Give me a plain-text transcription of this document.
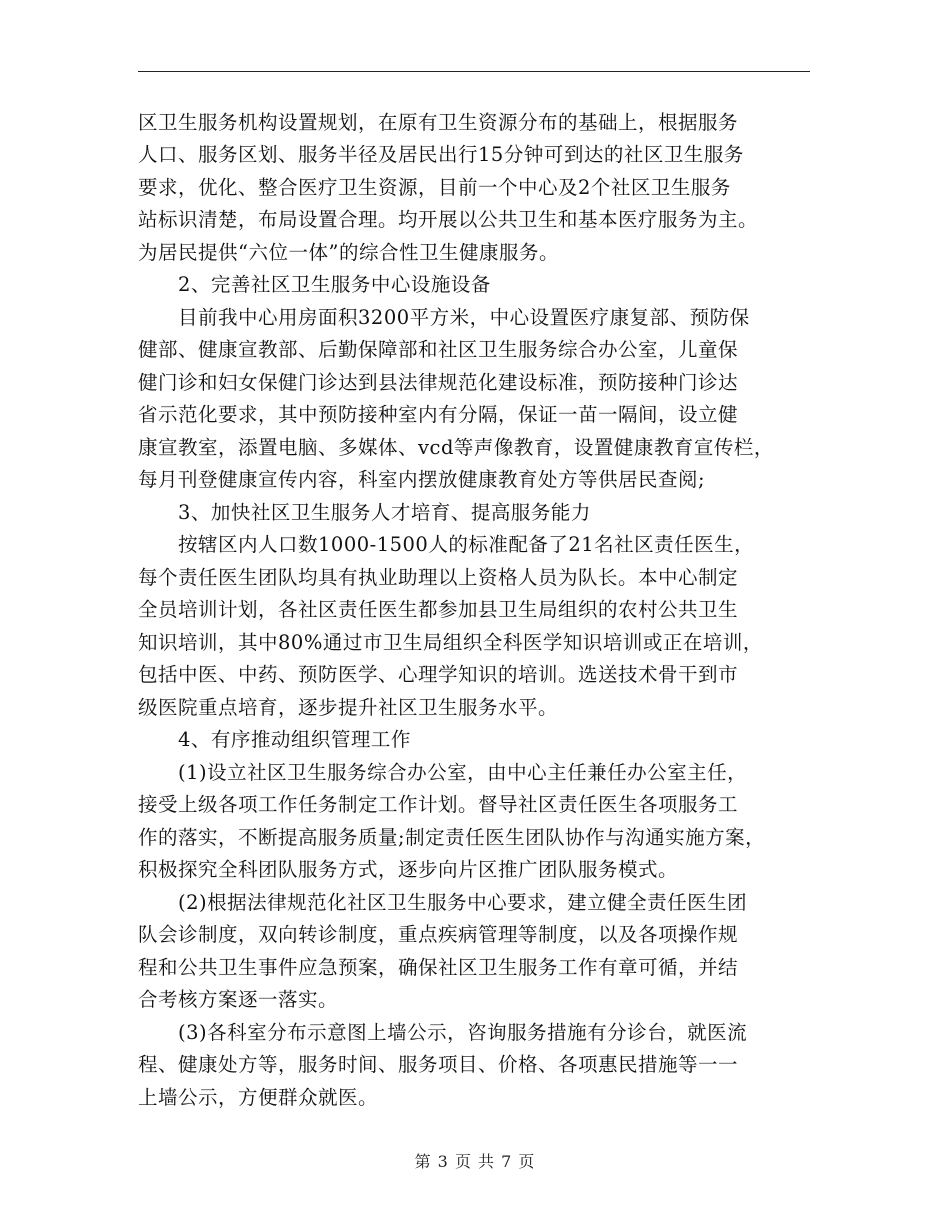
区卫生服务机构设置规划，在原有卫生资源分布的基础上，根据服务
人口、服务区划、服务半径及居民出行15分钟可到达的社区卫生服务
要求，优化、整合医疗卫生资源，目前一个中心及2个社区卫生服务
站标识清楚，布局设置合理。均开展以公共卫生和基本医疗服务为主。
为居民提供“六位一体”的综合性卫生健康服务。
　　2、完善社区卫生服务中心设施设备
　　目前我中心用房面积3200平方米，中心设置医疗康复部、预防保
健部、健康宣教部、后勤保障部和社区卫生服务综合办公室，儿童保
健门诊和妇女保健门诊达到县法律规范化建设标准，预防接种门诊达
省示范化要求，其中预防接种室内有分隔，保证一苗一隔间，设立健
康宣教室，添置电脑、多媒体、vcd等声像教育，设置健康教育宣传栏，
每月刊登健康宣传内容，科室内摆放健康教育处方等供居民查阅;
　　3、加快社区卫生服务人才培育、提高服务能力
　　按辖区内人口数1000-1500人的标准配备了21名社区责任医生，
每个责任医生团队均具有执业助理以上资格人员为队长。本中心制定
全员培训计划，各社区责任医生都参加县卫生局组织的农村公共卫生
知识培训，其中80%通过市卫生局组织全科医学知识培训或正在培训，
包括中医、中药、预防医学、心理学知识的培训。选送技术骨干到市
级医院重点培育，逐步提升社区卫生服务水平。
　　4、有序推动组织管理工作
　　(1)设立社区卫生服务综合办公室，由中心主任兼任办公室主任，
接受上级各项工作任务制定工作计划。督导社区责任医生各项服务工
作的落实，不断提高服务质量;制定责任医生团队协作与沟通实施方案，
积极探究全科团队服务方式，逐步向片区推广团队服务模式。
　　(2)根据法律规范化社区卫生服务中心要求，建立健全责任医生团
队会诊制度，双向转诊制度，重点疾病管理等制度，以及各项操作规
程和公共卫生事件应急预案，确保社区卫生服务工作有章可循，并结
合考核方案逐一落实。
　　(3)各科室分布示意图上墙公示，咨询服务措施有分诊台，就医流
程、健康处方等，服务时间、服务项目、价格、各项惠民措施等一一
上墙公示，方便群众就医。
第 3 页 共 7 页
